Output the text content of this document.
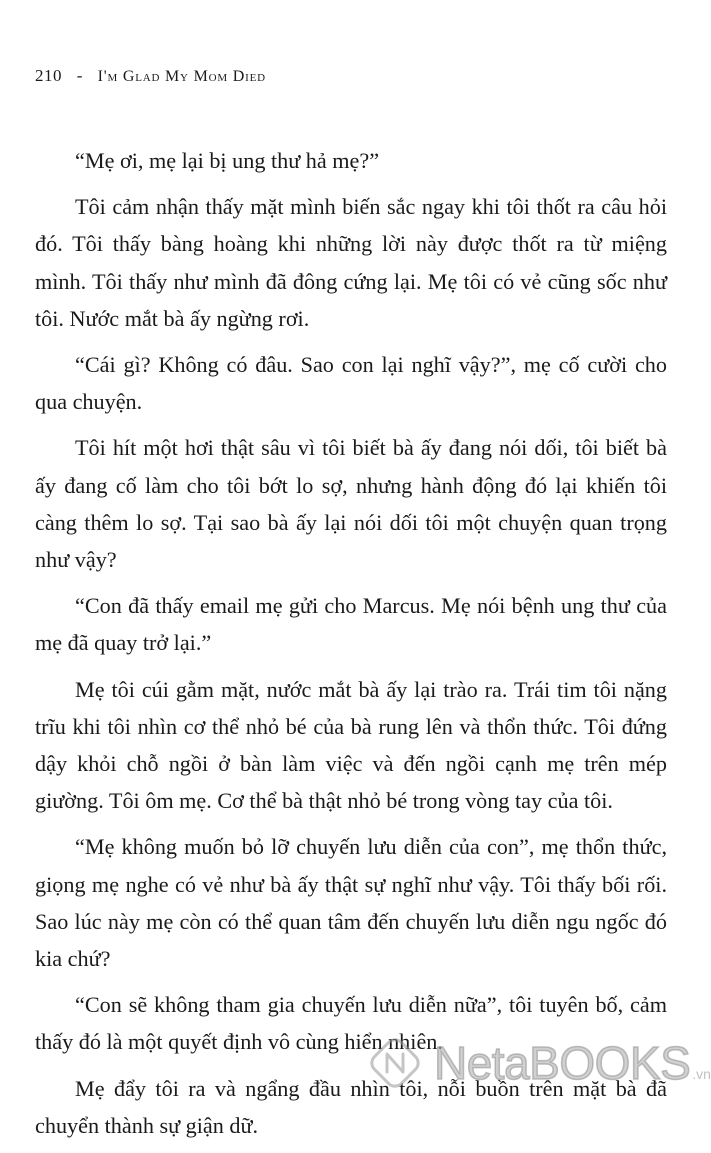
210 - I'm Glad My Mom Died

“Mẹ ơi, mẹ lại bị ung thư hả mẹ?”

Tôi cảm nhận thấy mặt mình biến sắc ngay khi tôi thốt ra câu hỏi đó. Tôi thấy bàng hoàng khi những lời này được thốt ra từ miệng mình. Tôi thấy như mình đã đông cứng lại. Mẹ tôi có vẻ cũng sốc như tôi. Nước mắt bà ấy ngừng rơi.

“Cái gì? Không có đâu. Sao con lại nghĩ vậy?”, mẹ cố cười cho qua chuyện.

Tôi hít một hơi thật sâu vì tôi biết bà ấy đang nói dối, tôi biết bà ấy đang cố làm cho tôi bớt lo sợ, nhưng hành động đó lại khiến tôi càng thêm lo sợ. Tại sao bà ấy lại nói dối tôi một chuyện quan trọng như vậy?

“Con đã thấy email mẹ gửi cho Marcus. Mẹ nói bệnh ung thư của mẹ đã quay trở lại.”

Mẹ tôi cúi gằm mặt, nước mắt bà ấy lại trào ra. Trái tim tôi nặng trĩu khi tôi nhìn cơ thể nhỏ bé của bà rung lên và thổn thức. Tôi đứng dậy khỏi chỗ ngồi ở bàn làm việc và đến ngồi cạnh mẹ trên mép giường. Tôi ôm mẹ. Cơ thể bà thật nhỏ bé trong vòng tay của tôi.

“Mẹ không muốn bỏ lỡ chuyến lưu diễn của con”, mẹ thổn thức, giọng mẹ nghe có vẻ như bà ấy thật sự nghĩ như vậy. Tôi thấy bối rối. Sao lúc này mẹ còn có thể quan tâm đến chuyến lưu diễn ngu ngốc đó kia chứ?

“Con sẽ không tham gia chuyến lưu diễn nữa”, tôi tuyên bố, cảm thấy đó là một quyết định vô cùng hiển nhiên.

Mẹ đẩy tôi ra và ngẩng đầu nhìn tôi, nỗi buồn trên mặt bà đã chuyển thành sự giận dữ.

NetaBOOKS .vn
